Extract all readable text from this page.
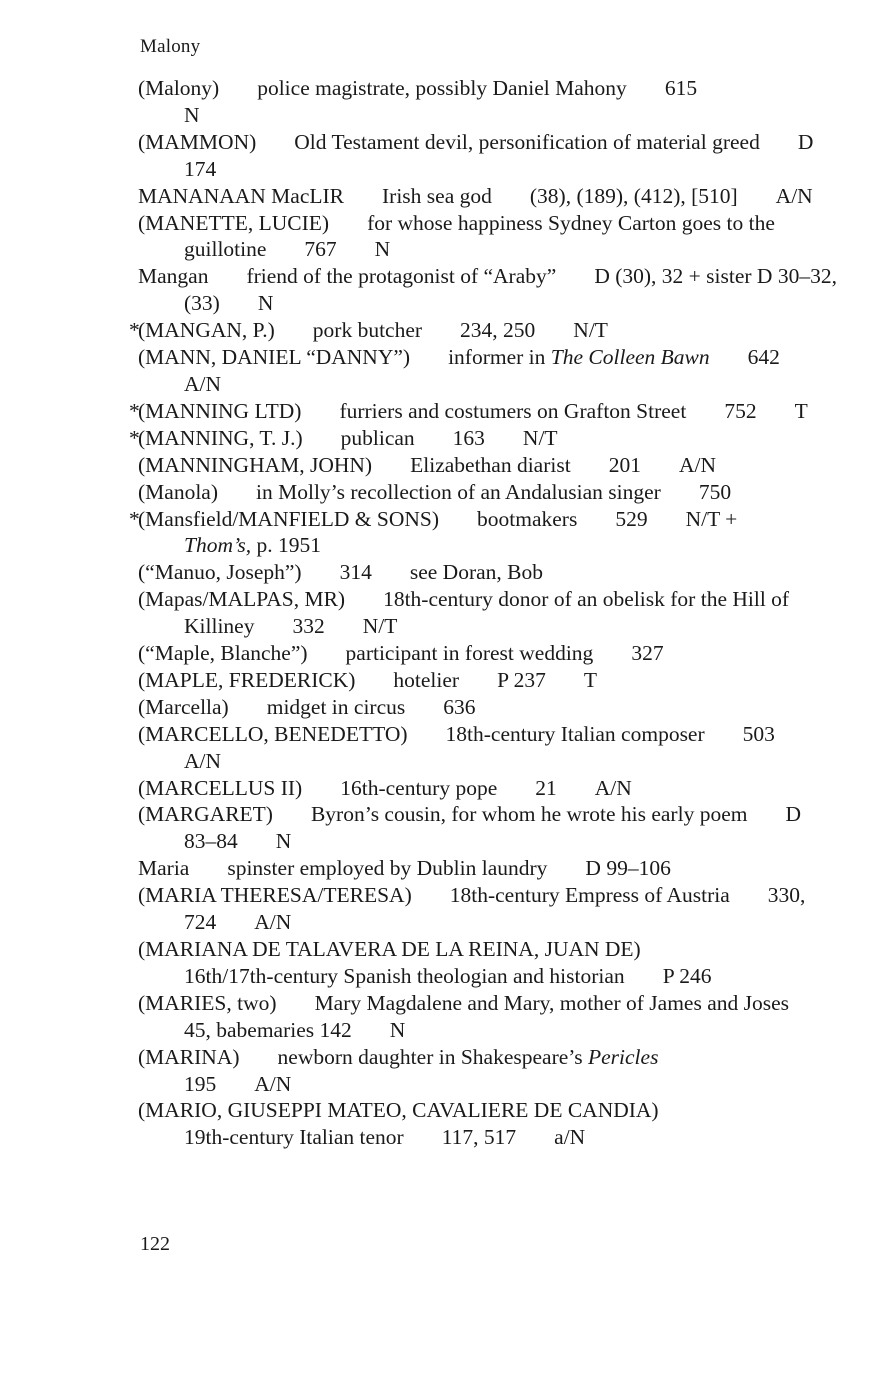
Malony
(Malony) police magistrate, possibly Daniel Mahony 615
N
(MAMMON) Old Testament devil, personification of material greed D 174
MANANAAN MacLIR Irish sea god (38), (189), (412), [510] A/N
(MANETTE, LUCIE) for whose happiness Sydney Carton goes to the guillotine 767 N
Mangan friend of the protagonist of “Araby” D (30), 32 + sister D 30–32, (33) N
*
(MANGAN, P.) pork butcher 234, 250 N/T
(MANN, DANIEL “DANNY”) informer in The Colleen Bawn 642A/N
*
(MANNING LTD) furriers and costumers on Grafton Street 752 T
*
(MANNING, T. J.) publican 163 N/T
(MANNINGHAM, JOHN) Elizabethan diarist 201 A/N
(Manola) in Molly’s recollection of an Andalusian singer 750
*
(Mansfield/MANFIELD & SONS) bootmakers 529 N/T +
Thom’s, p. 1951
(“Manuo, Joseph”) 314 see Doran, Bob
(Mapas/MALPAS, MR) 18th-century donor of an obelisk for the Hill of Killiney 332 N/T
(“Maple, Blanche”) participant in forest wedding 327
(MAPLE, FREDERICK) hotelier P 237 T
(Marcella) midget in circus 636
(MARCELLO, BENEDETTO) 18th-century Italian composer 503A/N
(MARCELLUS II) 16th-century pope 21 A/N
(MARGARET) Byron’s cousin, for whom he wrote his early poem D 83–84 N
Maria spinster employed by Dublin laundry D 99–106
(MARIA THERESA/TERESA) 18th-century Empress of Austria 330, 724 A/N
(MARIANA DE TALAVERA DE LA REINA, JUAN DE)
16th/17th-century Spanish theologian and historian P 246
(MARIES, two) Mary Magdalene and Mary, mother of James and Joses45, babemaries 142 N
(MARINA) newborn daughter in Shakespeare’s Pericles
195 A/N
(MARIO, GIUSEPPI MATEO, CAVALIERE DE CANDIA)
19th-century Italian tenor 117, 517 a/N
122
